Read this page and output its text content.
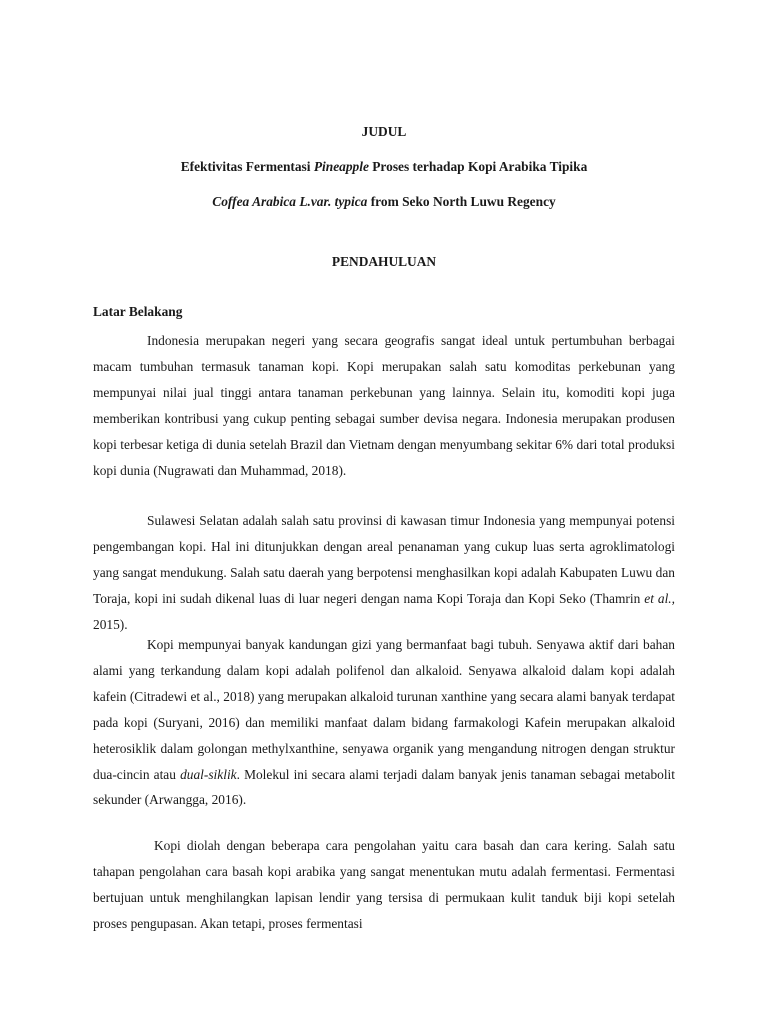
JUDUL
Efektivitas Fermentasi Pineapple Proses terhadap Kopi Arabika Tipika
Coffea Arabica L.var. typica from Seko North Luwu Regency
PENDAHULUAN
Latar Belakang
Indonesia merupakan negeri yang secara geografis sangat ideal untuk pertumbuhan berbagai macam tumbuhan termasuk tanaman kopi. Kopi merupakan salah satu komoditas perkebunan yang mempunyai nilai jual tinggi antara tanaman perkebunan yang lainnya. Selain itu, komoditi kopi juga memberikan kontribusi yang cukup penting sebagai sumber devisa negara. Indonesia merupakan produsen kopi terbesar ketiga di dunia setelah Brazil dan Vietnam dengan menyumbang sekitar 6% dari total produksi kopi dunia (Nugrawati dan Muhammad, 2018).
Sulawesi Selatan adalah salah satu provinsi di kawasan timur Indonesia yang mempunyai potensi pengembangan kopi. Hal ini ditunjukkan dengan areal penanaman yang cukup luas serta agroklimatologi yang sangat mendukung. Salah satu daerah yang berpotensi menghasilkan kopi adalah Kabupaten Luwu dan Toraja, kopi ini sudah dikenal luas di luar negeri dengan nama Kopi Toraja dan Kopi Seko (Thamrin et al., 2015).
Kopi mempunyai banyak kandungan gizi yang bermanfaat bagi tubuh. Senyawa aktif dari bahan alami yang terkandung dalam kopi adalah polifenol dan alkaloid. Senyawa alkaloid dalam kopi adalah kafein (Citradewi et al., 2018) yang merupakan alkaloid turunan xanthine yang secara alami banyak terdapat pada kopi (Suryani, 2016) dan memiliki manfaat dalam bidang farmakologi Kafein merupakan alkaloid heterosiklik dalam golongan methylxanthine, senyawa organik yang mengandung nitrogen dengan struktur dua-cincin atau dual-siklik. Molekul ini secara alami terjadi dalam banyak jenis tanaman sebagai metabolit sekunder (Arwangga, 2016).
Kopi diolah dengan beberapa cara pengolahan yaitu cara basah dan cara kering. Salah satu tahapan pengolahan cara basah kopi arabika yang sangat menentukan mutu adalah fermentasi. Fermentasi bertujuan untuk menghilangkan lapisan lendir yang tersisa di permukaan kulit tanduk biji kopi setelah proses pengupasan. Akan tetapi, proses fermentasi
